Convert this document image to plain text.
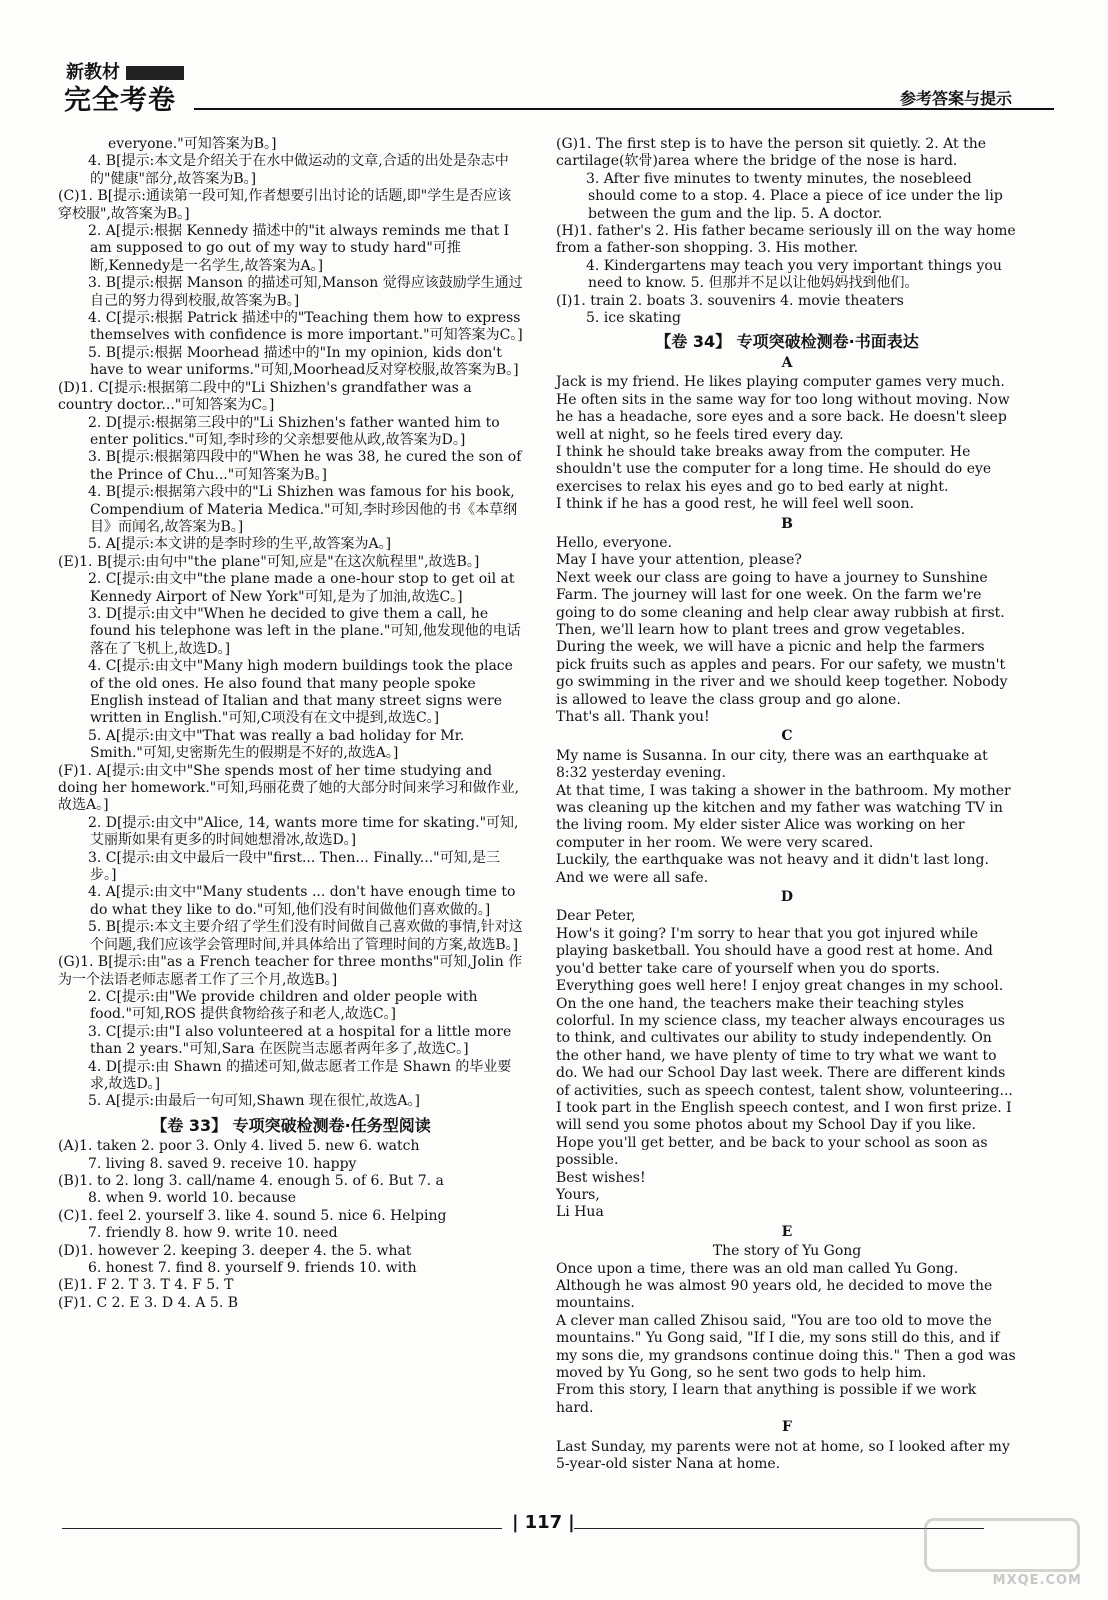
新教材
完全考卷	参考答案与提示

everyone."可知答案为B。]

4. B[提示:本文是介绍关于在水中做运动的文章,合适的出处是杂志中的"健康"部分,故答案为B。]

(C)1. B[提示:通读第一段可知,作者想要引出讨论的话题,即"学生是否应该穿校服",故答案为B。]

2. A[提示:根据 Kennedy 描述中的"it always reminds me that I am supposed to go out of my way to study hard"可推断,Kennedy是一名学生,故答案为A。]

3. B[提示:根据 Manson 的描述可知,Manson 觉得应该鼓励学生通过自己的努力得到校服,故答案为B。]

4. C[提示:根据 Patrick 描述中的"Teaching them how to express themselves with confidence is more important."可知答案为C。]

5. B[提示:根据 Moorhead 描述中的"In my opinion, kids don't have to wear uniforms."可知,Moorhead反对穿校服,故答案为B。]

(D)1. C[提示:根据第二段中的"Li Shizhen's grandfather was a country doctor..."可知答案为C。]

2. D[提示:根据第三段中的"Li Shizhen's father wanted him to enter politics."可知,李时珍的父亲想要他从政,故答案为D。]

3. B[提示:根据第四段中的"When he was 38, he cured the son of the Prince of Chu..."可知答案为B。]

4. B[提示:根据第六段中的"Li Shizhen was famous for his book, Compendium of Materia Medica."可知,李时珍因他的书《本草纲目》而闻名,故答案为B。]

5. A[提示:本文讲的是李时珍的生平,故答案为A。]

(E)1. B[提示:由句中"the plane"可知,应是"在这次航程里",故选B。]

2. C[提示:由文中"the plane made a one-hour stop to get oil at Kennedy Airport of New York"可知,是为了加油,故选C。]

3. D[提示:由文中"When he decided to give them a call, he found his telephone was left in the plane."可知,他发现他的电话落在了飞机上,故选D。]

4. C[提示:由文中"Many high modern buildings took the place of the old ones. He also found that many people spoke English instead of Italian and that many street signs were written in English."可知,C项没有在文中提到,故选C。]

5. A[提示:由文中"That was really a bad holiday for Mr. Smith."可知,史密斯先生的假期是不好的,故选A。]

(F)1. A[提示:由文中"She spends most of her time studying and doing her homework."可知,玛丽花费了她的大部分时间来学习和做作业,故选A。]

2. D[提示:由文中"Alice, 14, wants more time for skating."可知,艾丽斯如果有更多的时间她想滑冰,故选D。]

3. C[提示:由文中最后一段中"first... Then... Finally..."可知,是三步。]

4. A[提示:由文中"Many students ... don't have enough time to do what they like to do."可知,他们没有时间做他们喜欢做的。]

5. B[提示:本文主要介绍了学生们没有时间做自己喜欢做的事情,针对这个问题,我们应该学会管理时间,并具体给出了管理时间的方案,故选B。]

(G)1. B[提示:由"as a French teacher for three months"可知,Jolin 作为一个法语老师志愿者工作了三个月,故选B。]

2. C[提示:由"We provide children and older people with food."可知,ROS 提供食物给孩子和老人,故选C。]

3. C[提示:由"I also volunteered at a hospital for a little more than 2 years."可知,Sara 在医院当志愿者两年多了,故选C。]

4. D[提示:由 Shawn 的描述可知,做志愿者工作是 Shawn 的毕业要求,故选D。]

5. A[提示:由最后一句可知,Shawn 现在很忙,故选A。]

【卷 33】 专项突破检测卷·任务型阅读

(A)1. taken 2. poor 3. Only 4. lived 5. new 6. watch

7. living 8. saved 9. receive 10. happy

(B)1. to 2. long 3. call/name 4. enough 5. of 6. But 7. a

8. when 9. world 10. because

(C)1. feel 2. yourself 3. like 4. sound 5. nice 6. Helping

7. friendly 8. how 9. write 10. need

(D)1. however 2. keeping 3. deeper 4. the 5. what

6. honest 7. find 8. yourself 9. friends 10. with

(E)1. F 2. T 3. T 4. F 5. T

(F)1. C 2. E 3. D 4. A 5. B

(G)1. The first step is to have the person sit quietly. 2. At the cartilage(软骨)area where the bridge of the nose is hard.

3. After five minutes to twenty minutes, the nosebleed should come to a stop. 4. Place a piece of ice under the lip between the gum and the lip. 5. A doctor.

(H)1. father's 2. His father became seriously ill on the way home from a father-son shopping. 3. His mother.

4. Kindergartens may teach you very important things you need to know. 5. 但那并不足以让他妈妈找到他们。

(I)1. train 2. boats 3. souvenirs 4. movie theaters

5. ice skating

【卷 34】 专项突破检测卷·书面表达

A

Jack is my friend. He likes playing computer games very much. He often sits in the same way for too long without moving. Now he has a headache, sore eyes and a sore back. He doesn't sleep well at night, so he feels tired every day.

I think he should take breaks away from the computer. He shouldn't use the computer for a long time. He should do eye exercises to relax his eyes and go to bed early at night.

I think if he has a good rest, he will feel well soon.

B

Hello, everyone.

May I have your attention, please?

Next week our class are going to have a journey to Sunshine Farm. The journey will last for one week. On the farm we're going to do some cleaning and help clear away rubbish at first. Then, we'll learn how to plant trees and grow vegetables. During the week, we will have a picnic and help the farmers pick fruits such as apples and pears. For our safety, we mustn't go swimming in the river and we should keep together. Nobody is allowed to leave the class group and go alone.

That's all. Thank you!

C

My name is Susanna. In our city, there was an earthquake at 8:32 yesterday evening.

At that time, I was taking a shower in the bathroom. My mother was cleaning up the kitchen and my father was watching TV in the living room. My elder sister Alice was working on her computer in her room. We were very scared.

Luckily, the earthquake was not heavy and it didn't last long. And we were all safe.

D

Dear Peter,

How's it going? I'm sorry to hear that you got injured while playing basketball. You should have a good rest at home. And you'd better take care of yourself when you do sports.

Everything goes well here! I enjoy great changes in my school. On the one hand, the teachers make their teaching styles colorful. In my science class, my teacher always encourages us to think, and cultivates our ability to study independently. On the other hand, we have plenty of time to try what we want to do. We had our School Day last week. There are different kinds of activities, such as speech contest, talent show, volunteering... I took part in the English speech contest, and I won first prize. I will send you some photos about my School Day if you like.

Hope you'll get better, and be back to your school as soon as possible.

Best wishes!

Yours,

Li Hua

E

The story of Yu Gong

Once upon a time, there was an old man called Yu Gong. Although he was almost 90 years old, he decided to move the mountains.

A clever man called Zhisou said, "You are too old to move the mountains." Yu Gong said, "If I die, my sons still do this, and if my sons die, my grandsons continue doing this." Then a god was moved by Yu Gong, so he sent two gods to help him.

From this story, I learn that anything is possible if we work hard.

F

Last Sunday, my parents were not at home, so I looked after my 5-year-old sister Nana at home.

| 117 |
MXQE.COM
